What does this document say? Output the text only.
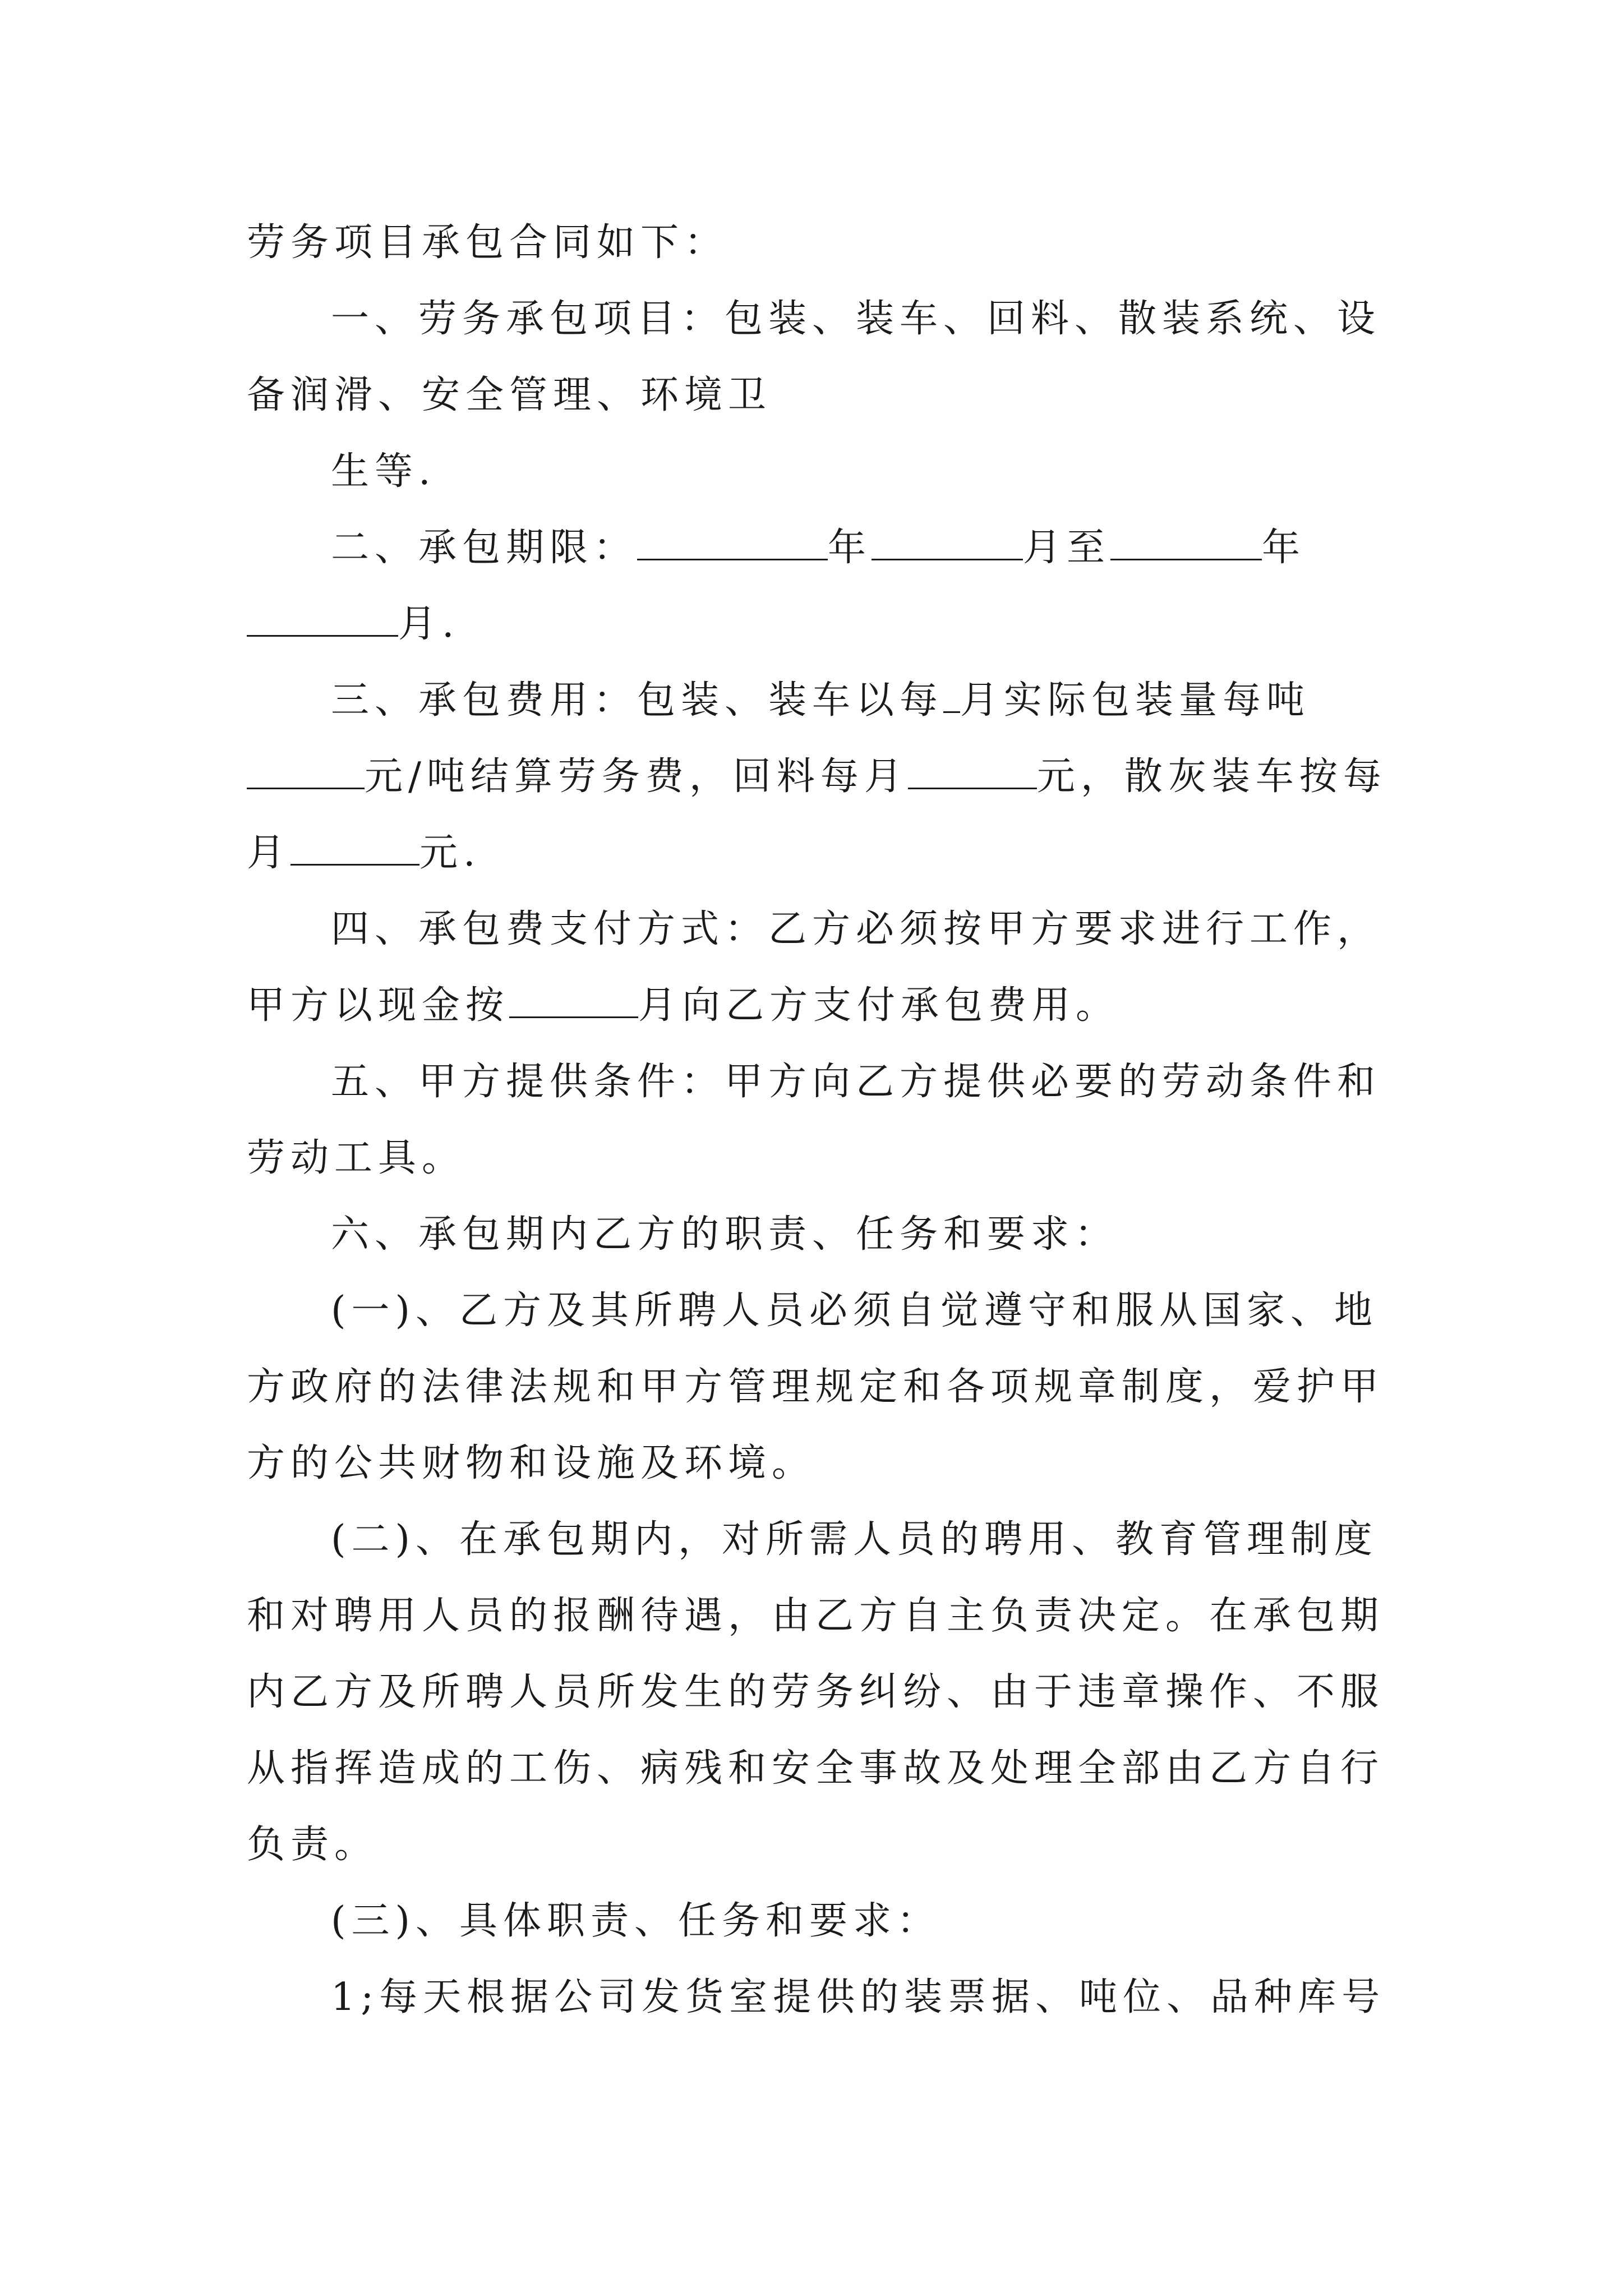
劳务项目承包合同如下：

一、劳务承包项目：包装、装车、回料、散装系统、设备润滑、安全管理、环境卫

生等.

二、承包期限：	年	月至	年月.

三、承包费用：包装、装车以每 月实际包装量每吨元/吨结算劳务费，回料每月	元，散灰装车按每月	元.

四、承包费支付方式：乙方必须按甲方要求进行工作，甲方以现金按	月向乙方支付承包费用。

五、甲方提供条件：甲方向乙方提供必要的劳动条件和劳动工具。

六、承包期内乙方的职责、任务和要求：

(一)、乙方及其所聘人员必须自觉遵守和服从国家、地方政府的法律法规和甲方管理规定和各项规章制度，爱护甲方的公共财物和设施及环境。

(二)、在承包期内，对所需人员的聘用、教育管理制度和对聘用人员的报酬待遇，由乙方自主负责决定。在承包期内乙方及所聘人员所发生的劳务纠纷、由于违章操作、不服从指挥造成的工伤、病残和安全事故及处理全部由乙方自行负责。

(三)、具体职责、任务和要求：

1;每天根据公司发货室提供的装票据、吨位、品种库号
